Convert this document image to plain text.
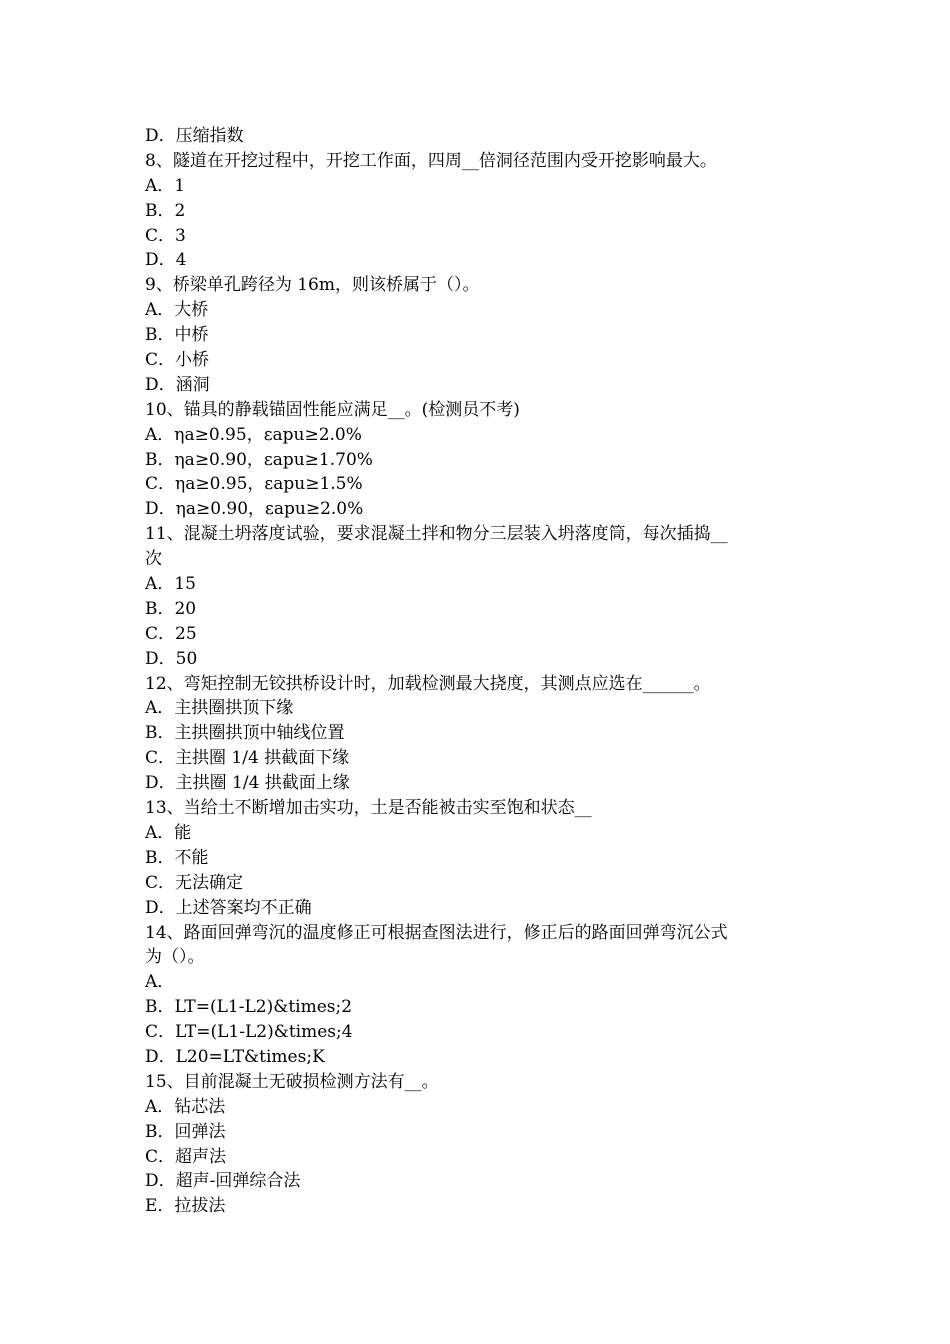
D．压缩指数
8、隧道在开挖过程中，开挖工作面，四周__倍洞径范围内受开挖影响最大。
A．1
B．2
C．3
D．4
9、桥梁单孔跨径为 16m，则该桥属于（）。
A．大桥
B．中桥
C．小桥
D．涵洞
10、锚具的静载锚固性能应满足__。(检测员不考)
A．ηa≥0.95，εapu≥2.0%
B．ηa≥0.90，εapu≥1.70%
C．ηa≥0.95，εapu≥1.5%
D．ηa≥0.90，εapu≥2.0%
11、混凝土坍落度试验，要求混凝土拌和物分三层装入坍落度筒，每次插捣__
次
A．15
B．20
C．25
D．50
12、弯矩控制无铰拱桥设计时，加载检测最大挠度，其测点应选在______。
A．主拱圈拱顶下缘
B．主拱圈拱顶中轴线位置
C．主拱圈 1/4 拱截面下缘
D．主拱圈 1/4 拱截面上缘
13、当给土不断增加击实功，土是否能被击实至饱和状态__
A．能
B．不能
C．无法确定
D．上述答案均不正确
14、路面回弹弯沉的温度修正可根据查图法进行，修正后的路面回弹弯沉公式
为（）。
A．
B．LT=(L1-L2)&times;2
C．LT=(L1-L2)&times;4
D．L20=LT&times;K
15、目前混凝土无破损检测方法有__。
A．钻芯法
B．回弹法
C．超声法
D．超声-回弹综合法
E．拉拔法
